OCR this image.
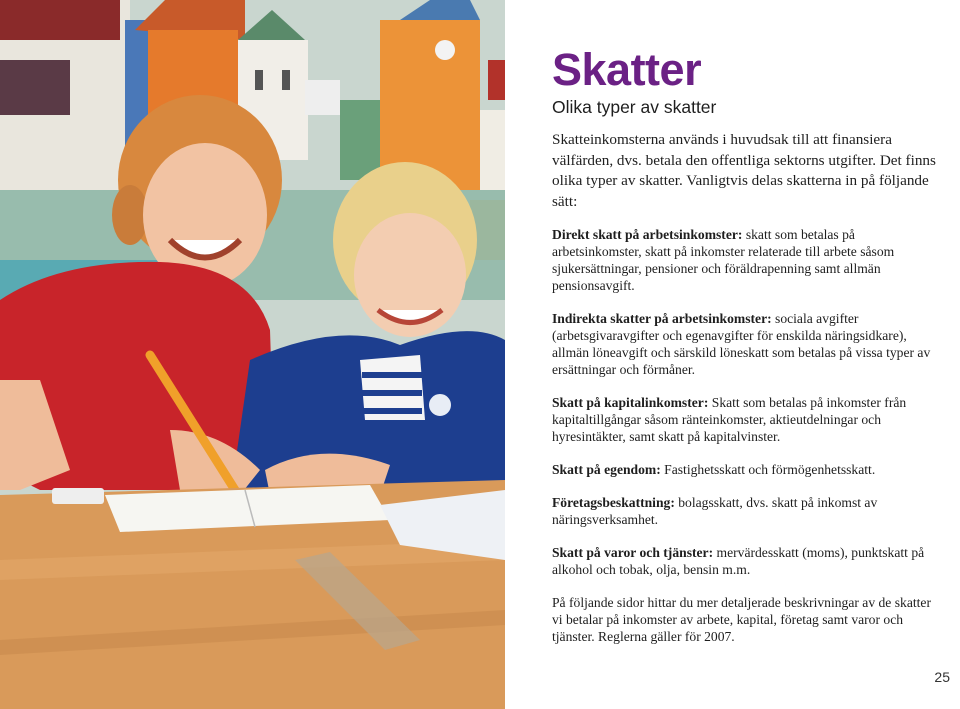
Skatter

Olika typer av skatter

Skatteinkomsterna används i huvudsak till att finansiera välfärden, dvs. betala den offentliga sektorns utgifter. Det finns olika typer av skatter. Vanligtvis delas skatterna in på följande sätt:

Direkt skatt på arbetsinkomster: skatt som betalas på arbetsinkomster, skatt på inkomster relaterade till arbete såsom sjukersättningar, pensioner och föräldrapenning samt allmän pensionsavgift.

Indirekta skatter på arbetsinkomster: sociala avgifter (arbetsgivaravgifter och egenavgifter för enskilda näringsidkare), allmän löneavgift och särskild löneskatt som betalas på vissa typer av ersättningar och förmåner.

Skatt på kapitalinkomster: Skatt som betalas på inkomster från kapitaltillgångar såsom ränteinkomster, aktieutdelningar och hyresintäkter, samt skatt på kapitalvinster.

Skatt på egendom: Fastighetsskatt och förmögenhetsskatt.

Företagsbeskattning: bolagsskatt, dvs. skatt på inkomst av näringsverksamhet.

Skatt på varor och tjänster: mervärdesskatt (moms), punktskatt på alkohol och tobak, olja, bensin m.m.

På följande sidor hittar du mer detaljerade beskrivningar av de skatter vi betalar på inkomster av arbete, kapital, företag samt varor och tjänster. Reglerna gäller för 2007.

25
